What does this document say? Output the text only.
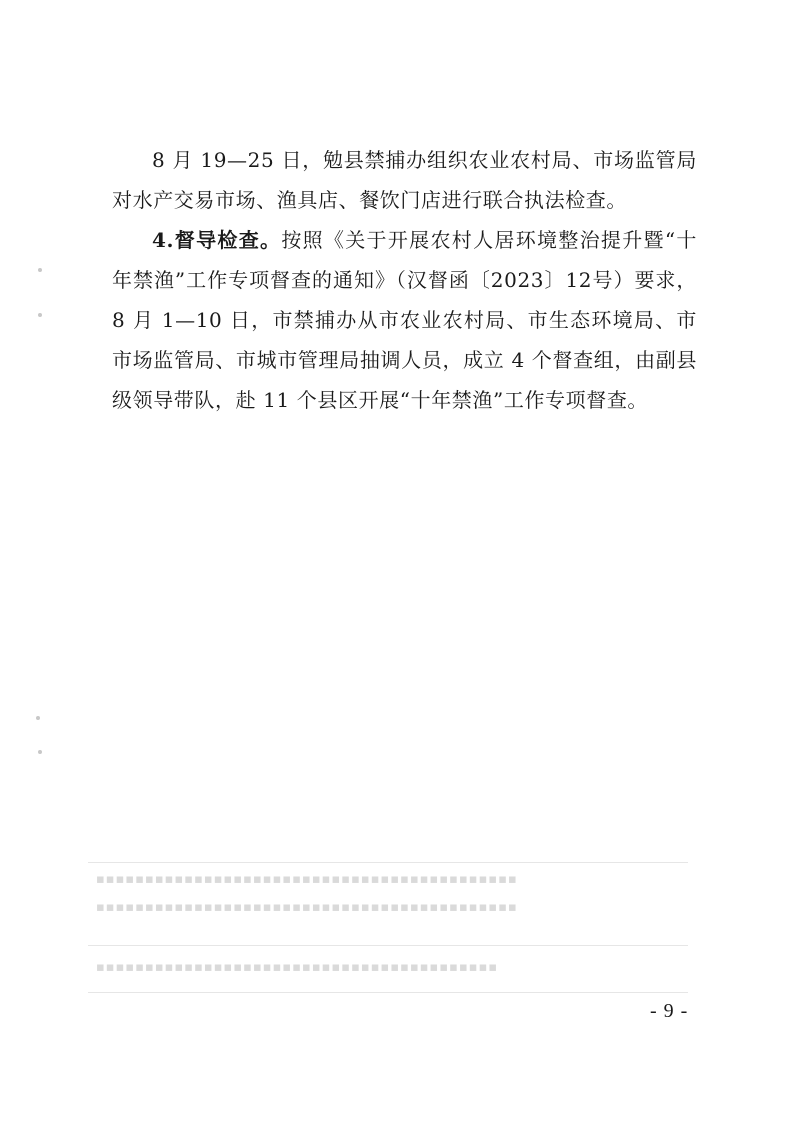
8 月 19—25 日，勉县禁捕办组织农业农村局、市场监管局对水产交易市场、渔具店、餐饮门店进行联合执法检查。

4.督导检查。按照《关于开展农村人居环境整治提升暨“十年禁渔”工作专项督查的通知》（汉督函〔2023〕12号）要求，8 月 1—10 日，市禁捕办从市农业农村局、市生态环境局、市市场监管局、市城市管理局抽调人员，成立 4 个督查组，由副县级领导带队，赴 11 个县区开展“十年禁渔”工作专项督查。

▪▪▪▪▪▪▪▪▪▪▪▪▪▪▪▪▪▪▪▪▪▪▪▪▪▪▪▪▪▪▪▪▪▪▪▪▪▪▪▪▪▪▪
▪▪▪▪▪▪▪▪▪▪▪▪▪▪▪▪▪▪▪▪▪▪▪▪▪▪▪▪▪▪▪▪▪▪▪▪▪▪▪▪▪▪▪
▪▪▪▪▪▪▪▪▪▪▪▪▪▪▪▪▪▪▪▪▪▪▪▪▪▪▪▪▪▪▪▪▪▪▪▪▪▪▪▪▪
- 9 -
